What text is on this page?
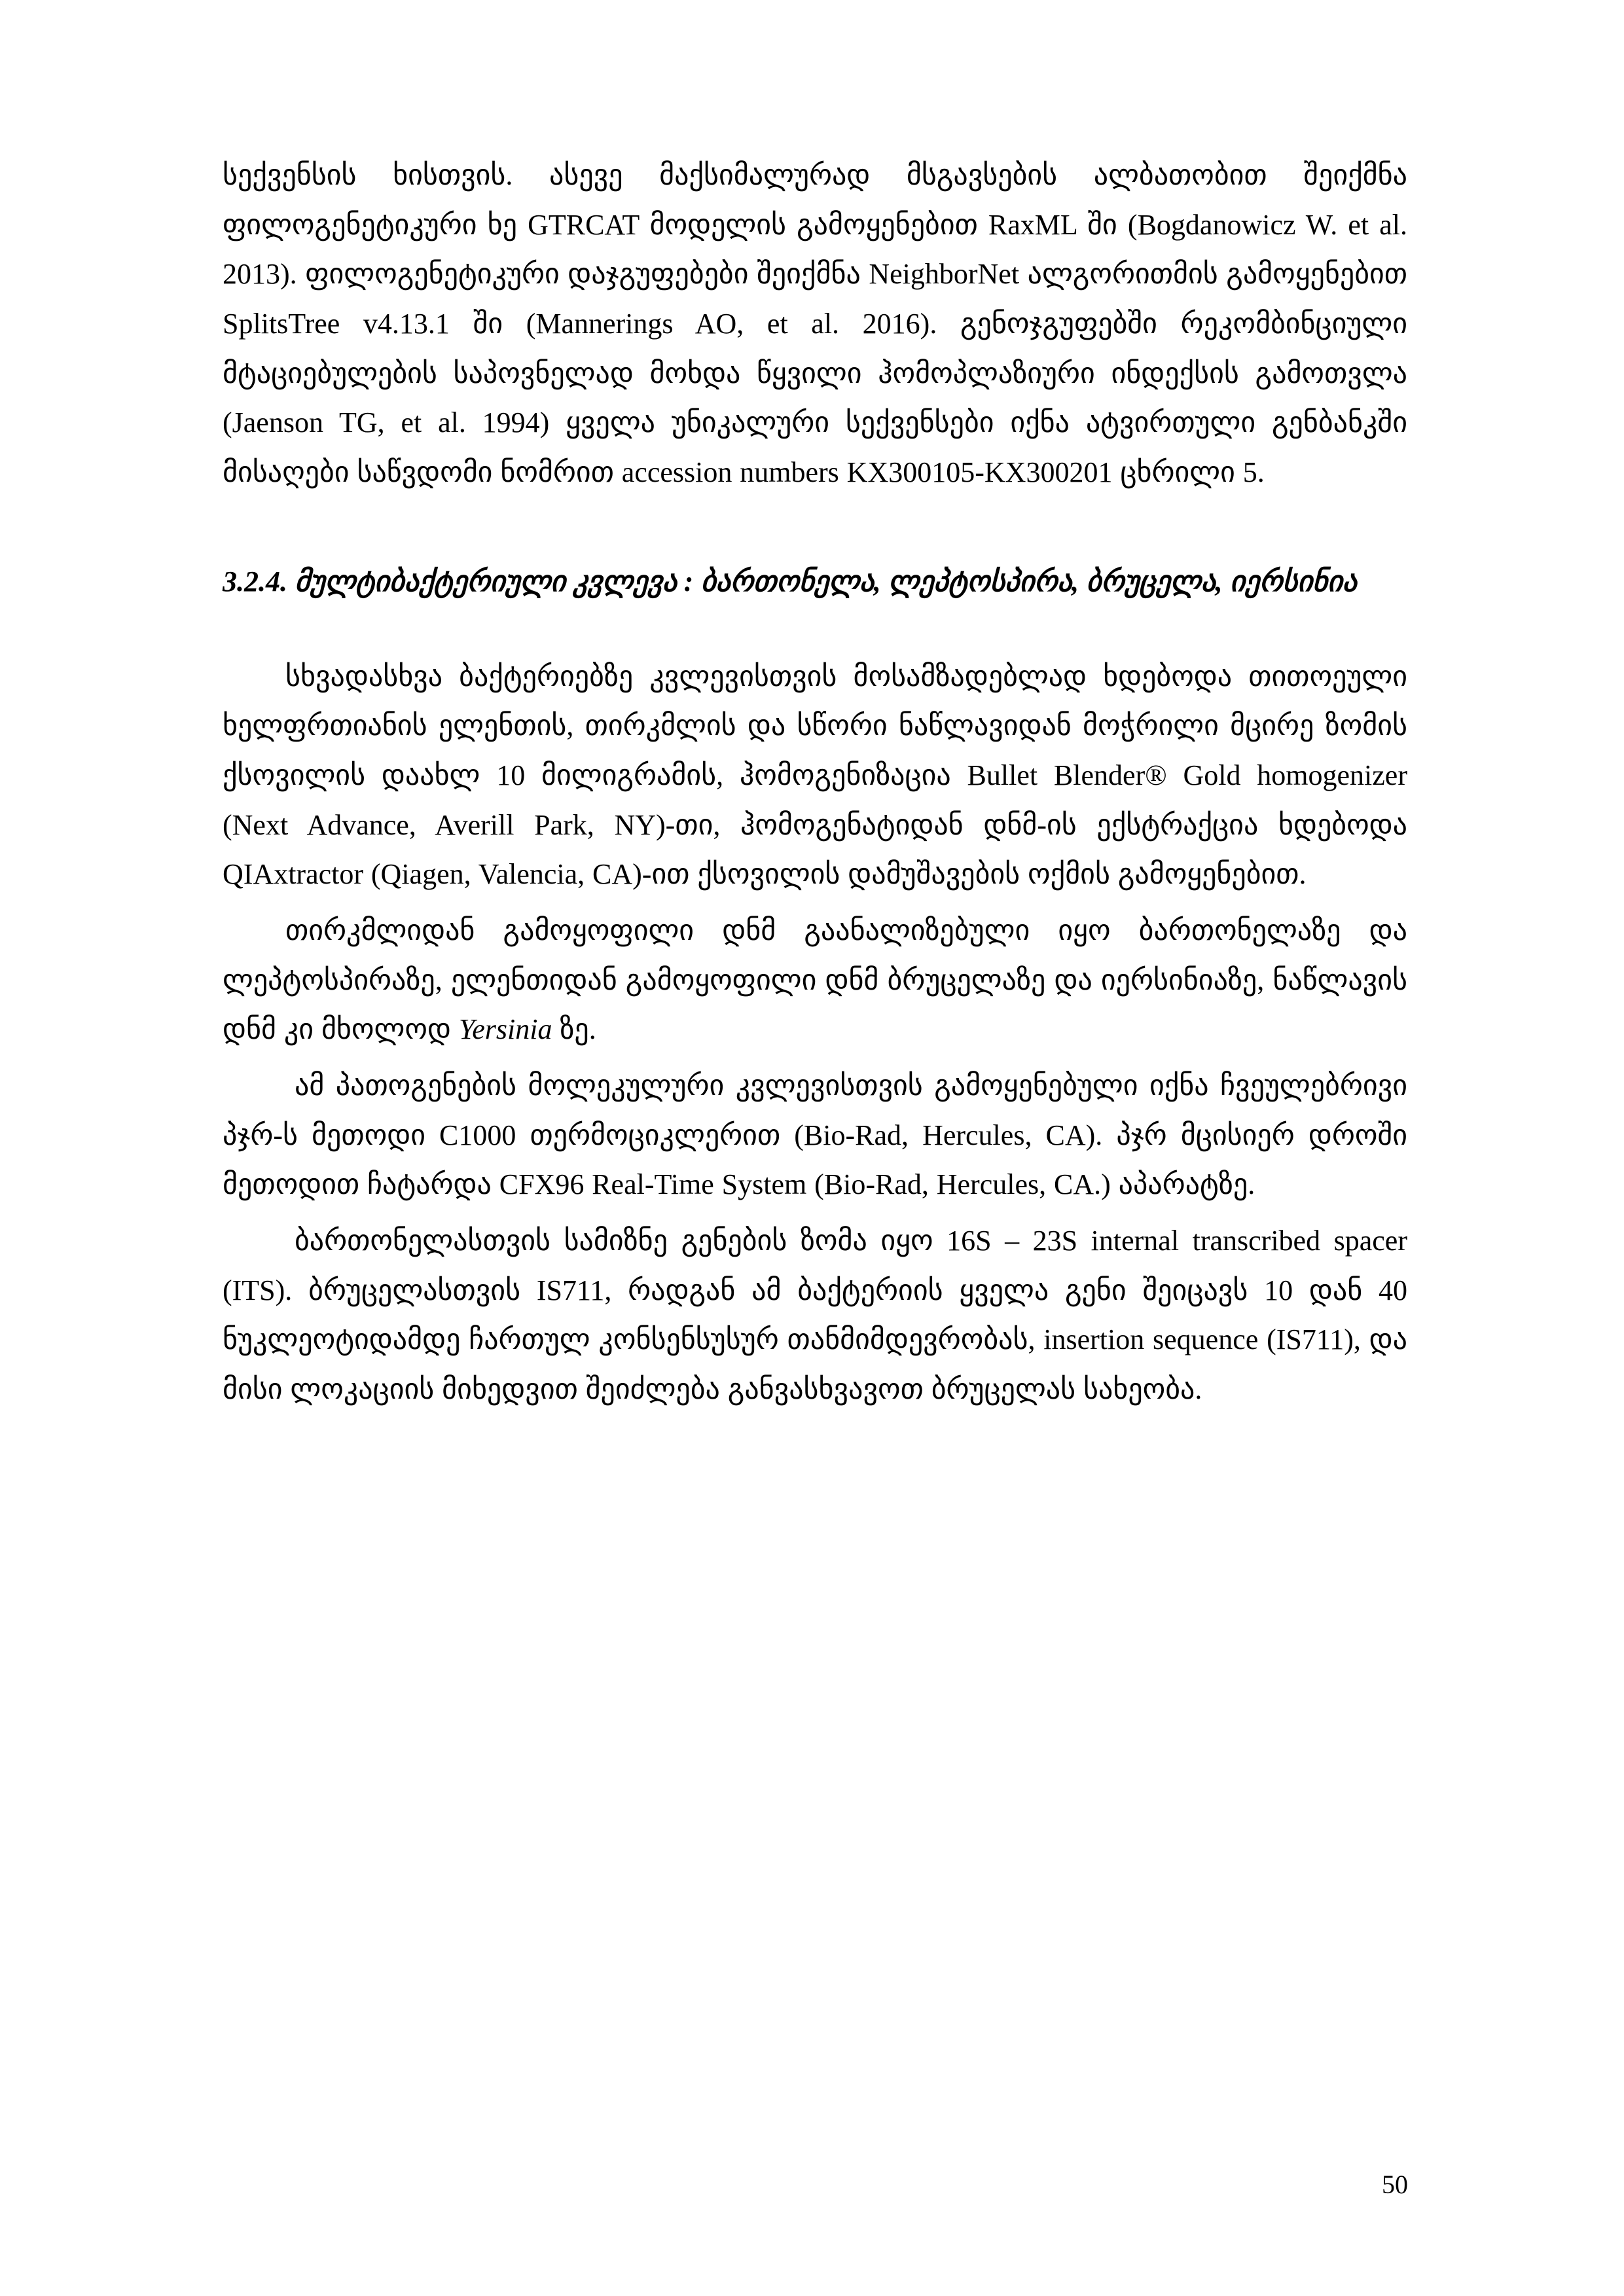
სექვენსის ხისთვის. ასევე მაქსიმალურად მსგავსების ალბათობით შეიქმნა ფილოგენეტიკური ხე GTRCAT მოდელის გამოყენებით RaxML ში (Bogdanowicz W. et al. 2013). ფილოგენეტიკური დაჯგუფებები შეიქმნა NeighborNet ალგორითმის გამოყენებით SplitsTree v4.13.1 ში (Mannerings AO, et al. 2016). გენოჯგუფებში რეკომბინციული მტაციებულების საპოვნელად მოხდა წყვილი ჰომოპლაზიური ინდექსის გამოთვლა (Jaenson TG, et al. 1994) ყველა უნიკალური სექვენსები იქნა ატვირთული გენბანკში მისაღები საწვდომი ნომრით accession numbers KX300105-KX300201 ცხრილი 5.

3.2.4. მულტიბაქტერიული კვლევა : ბართონელა, ლეპტოსპირა, ბრუცელა, იერსინია

სხვადასხვა ბაქტერიებზე კვლევისთვის მოსამზადებლად ხდებოდა თითოეული ხელფრთიანის ელენთის, თირკმლის და სწორი ნაწლავიდან მოჭრილი მცირე ზომის ქსოვილის დაახლ 10 მილიგრამის, ჰომოგენიზაცია Bullet Blender® Gold homogenizer (Next Advance, Averill Park, NY)-თი, ჰომოგენატიდან დნმ-ის ექსტრაქცია ხდებოდა QIAxtractor (Qiagen, Valencia, CA)-ით ქსოვილის დამუშავების ოქმის გამოყენებით.

თირკმლიდან გამოყოფილი დნმ გაანალიზებული იყო ბართონელაზე და ლეპტოსპირაზე, ელენთიდან გამოყოფილი დნმ ბრუცელაზე და იერსინიაზე, ნაწლავის დნმ კი მხოლოდ Yersinia ზე.

ამ პათოგენების მოლეკულური კვლევისთვის გამოყენებული იქნა ჩვეულებრივი პჯრ-ს მეთოდი C1000 თერმოციკლერით (Bio-Rad, Hercules, CA). პჯრ მცისიერ დროში მეთოდით ჩატარდა CFX96 Real-Time System (Bio-Rad, Hercules, CA.) აპარატზე.

ბართონელასთვის სამიზნე გენების ზომა იყო 16S – 23S internal transcribed spacer (ITS). ბრუცელასთვის IS711, რადგან ამ ბაქტერიის ყველა გენი შეიცავს 10 დან 40 ნუკლეოტიდამდე ჩართულ კონსენსუსურ თანმიმდევრობას, insertion sequence (IS711), და მისი ლოკაციის მიხედვით შეიძლება განვასხვავოთ ბრუცელას სახეობა.

50
